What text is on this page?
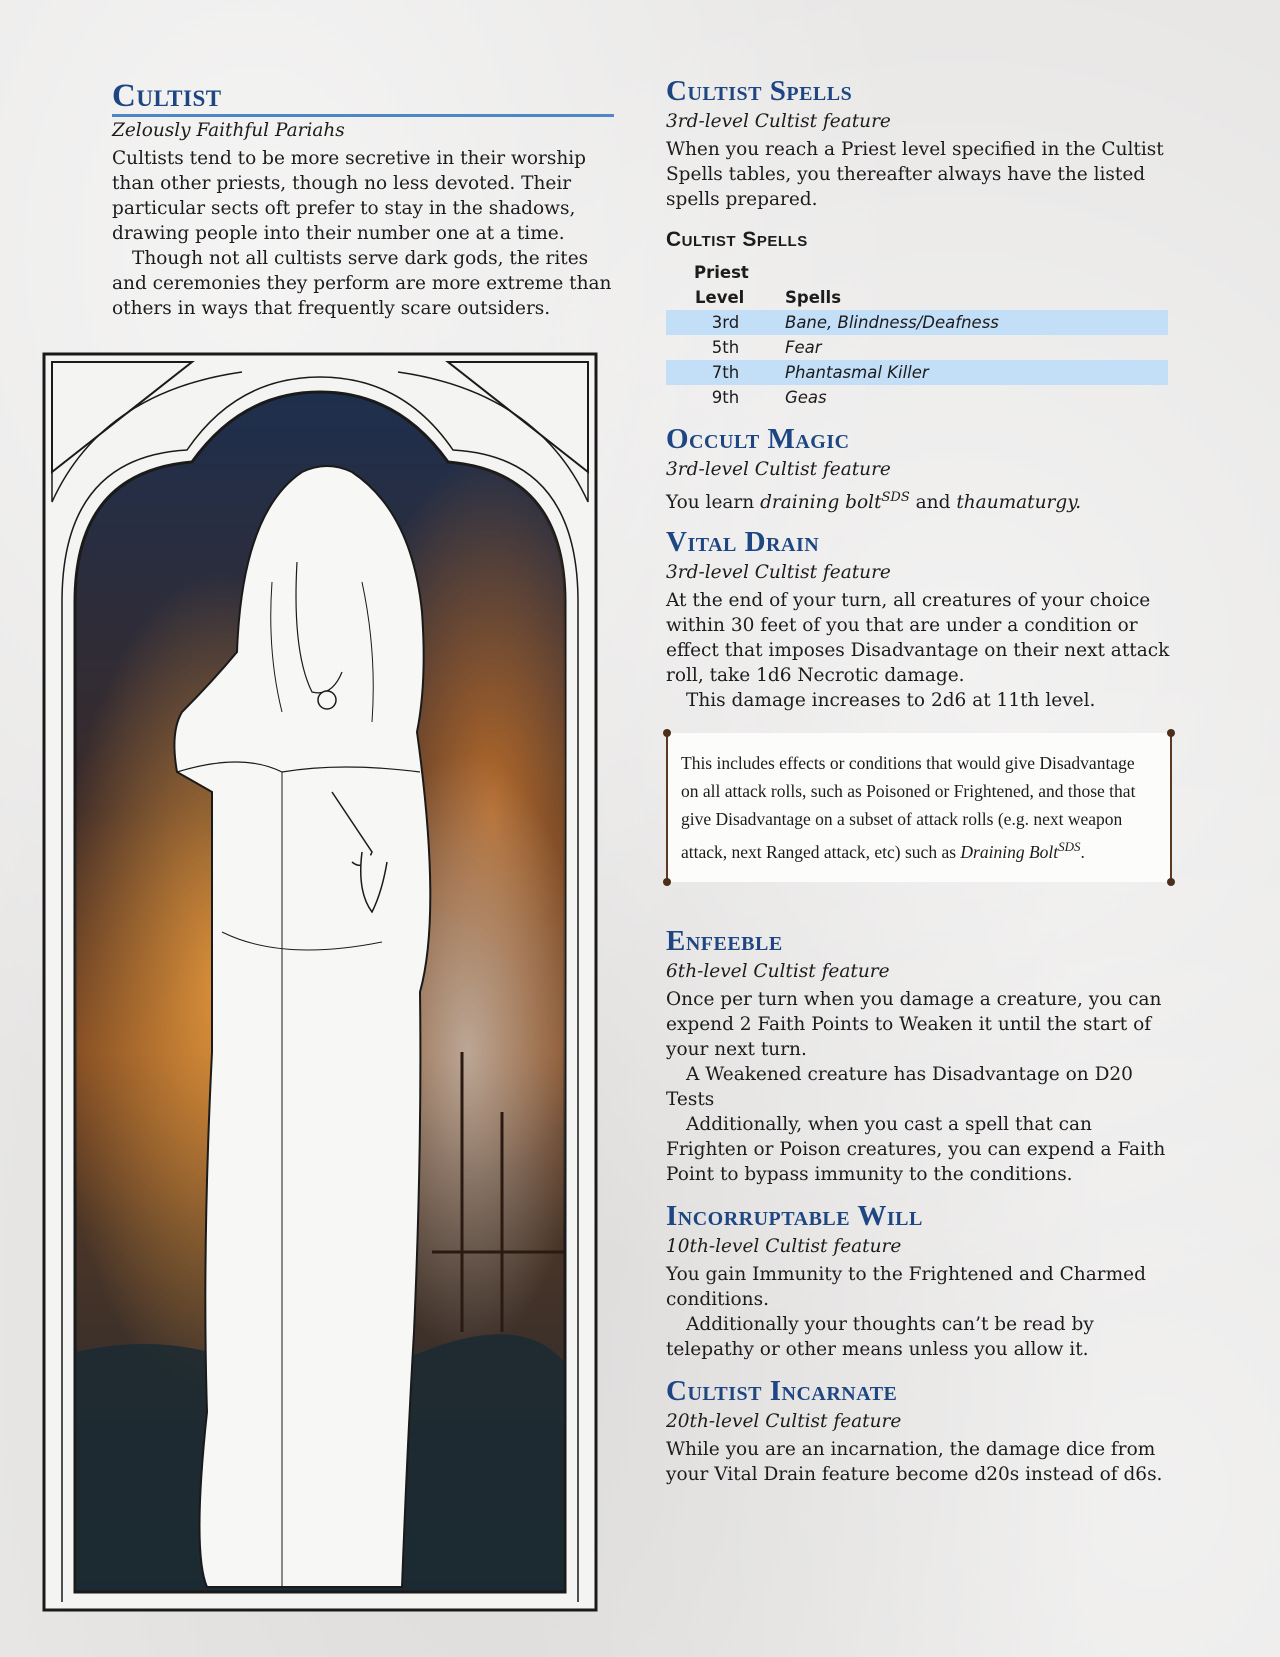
Cultist
Zelously Faithful Pariahs

Cultists tend to be more secretive in their worship than other priests, though no less devoted. Their particular sects oft prefer to stay in the shadows, drawing people into their number one at a time.

Though not all cultists serve dark gods, the rites and ceremonies they perform are more extreme than others in ways that frequently scare outsiders.

Cultist Spells
3rd-level Cultist feature

When you reach a Priest level specified in the Cultist Spells tables, you thereafter always have the listed spells prepared.

Cultist Spells
Priest	
Level	Spells
3rd	Bane, Blindness/Deafness
5th	Fear
7th	Phantasmal Killer
9th	Geas
Occult Magic
3rd-level Cultist feature

You learn draining bolt$^{SDS}$ and thaumaturgy.

Vital Drain
3rd-level Cultist feature

At the end of your turn, all creatures of your choice within 30 feet of you that are under a condition or effect that imposes Disadvantage on their next attack roll, take 1d6 Necrotic damage.

This damage increases to 2d6 at 11th level.

This includes effects or conditions that would give Disadvantage on all attack rolls, such as Poisoned or Frightened, and those that give Disadvantage on a subset of attack rolls (e.g. next weapon attack, next Ranged attack, etc) such as Draining Bolt$^{SDS}$.
Enfeeble
6th-level Cultist feature

Once per turn when you damage a creature, you can expend 2 Faith Points to Weaken it until the start of your next turn.

A Weakened creature has Disadvantage on D20 Tests

Additionally, when you cast a spell that can Frighten or Poison creatures, you can expend a Faith Point to bypass immunity to the conditions.

Incorruptable Will
10th-level Cultist feature

You gain Immunity to the Frightened and Charmed conditions.

Additionally your thoughts can’t be read by telepathy or other means unless you allow it.

Cultist Incarnate
20th-level Cultist feature

While you are an incarnation, the damage dice from your Vital Drain feature become d20s instead of d6s.
